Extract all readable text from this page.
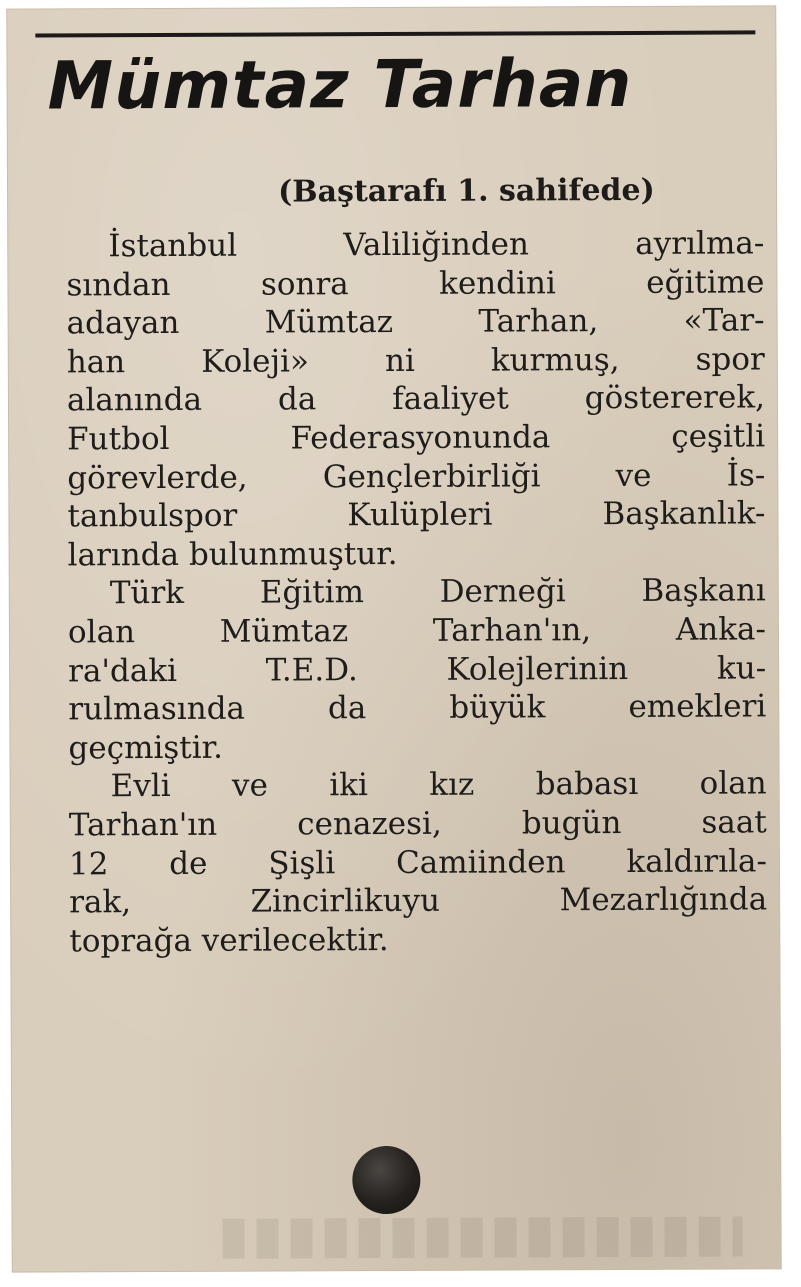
Mümtaz Tarhan
(Baştarafı 1. sahifede)
İstanbul Valiliğinden ayrılma-
sından sonra kendini eğitime
adayan Mümtaz Tarhan, «Tar-
han Koleji» ni kurmuş, spor
alanında da faaliyet göstererek,
Futbol Federasyonunda çeşitli
görevlerde, Gençlerbirliği ve İs-
tanbulspor Kulüpleri Başkanlık-
larında bulunmuştur.
Türk Eğitim Derneği Başkanı
olan Mümtaz Tarhan'ın, Anka-
ra'daki T.E.D. Kolejlerinin ku-
rulmasında da büyük emekleri
geçmiştir.
Evli ve iki kız babası olan
Tarhan'ın cenazesi, bugün saat
12 de Şişli Camiinden kaldırıla-
rak, Zincirlikuyu Mezarlığında
toprağa verilecektir.
